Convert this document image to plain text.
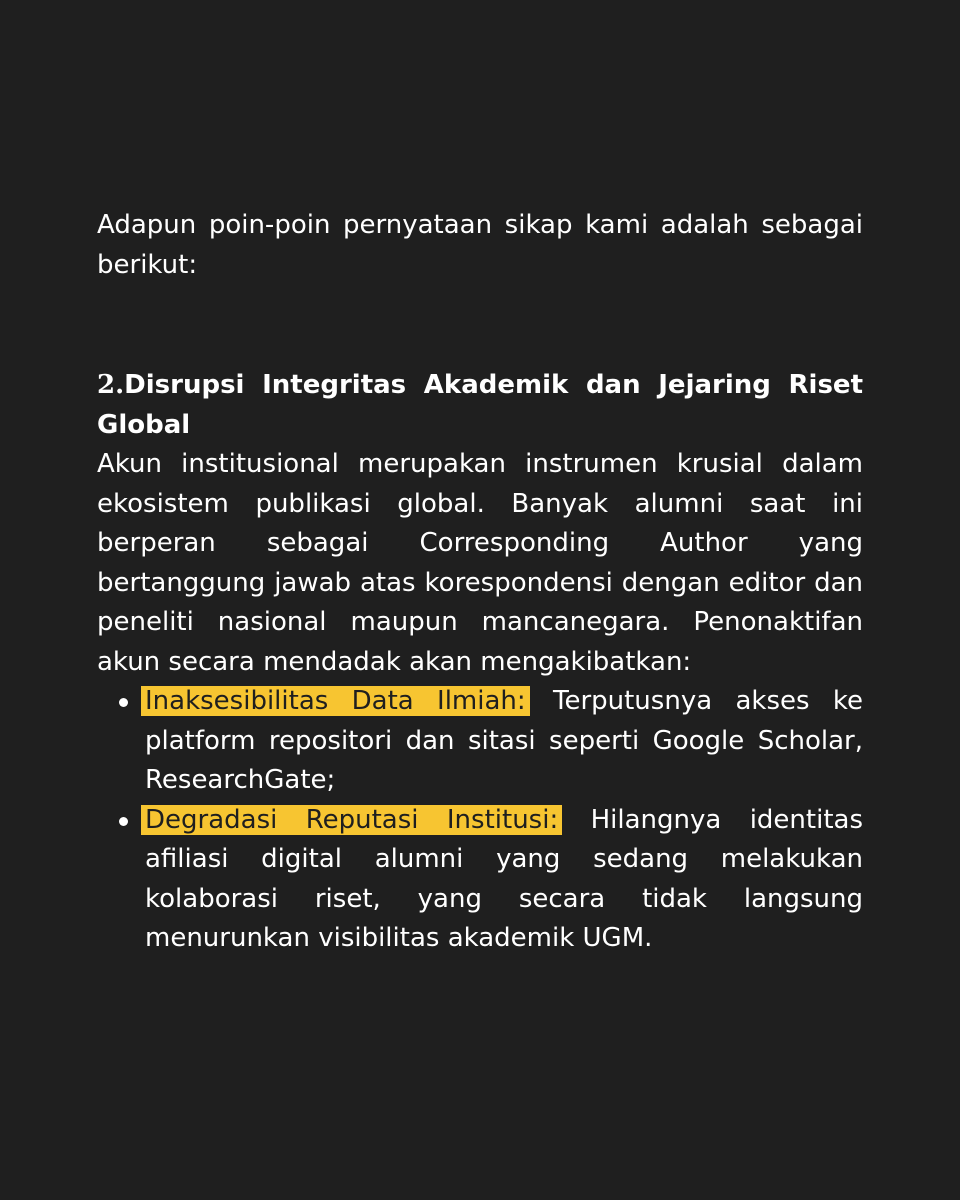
Adapun poin-poin pernyataan sikap kami adalah sebagai berikut:

2.Disrupsi Integritas Akademik dan Jejaring Riset Global

Akun institusional merupakan instrumen krusial dalam ekosistem publikasi global. Banyak alumni saat ini berperan sebagai Corresponding Author yang bertanggung jawab atas korespondensi dengan editor dan peneliti nasional maupun mancanegara. Penonaktifan akun secara mendadak akan mengakibatkan:

Inaksesibilitas Data Ilmiah: Terputusnya akses ke platform repositori dan sitasi seperti Google Scholar, ResearchGate;
Degradasi Reputasi Institusi: Hilangnya identitas afiliasi digital alumni yang sedang melakukan kolaborasi riset, yang secara tidak langsung menurunkan visibilitas akademik UGM.
